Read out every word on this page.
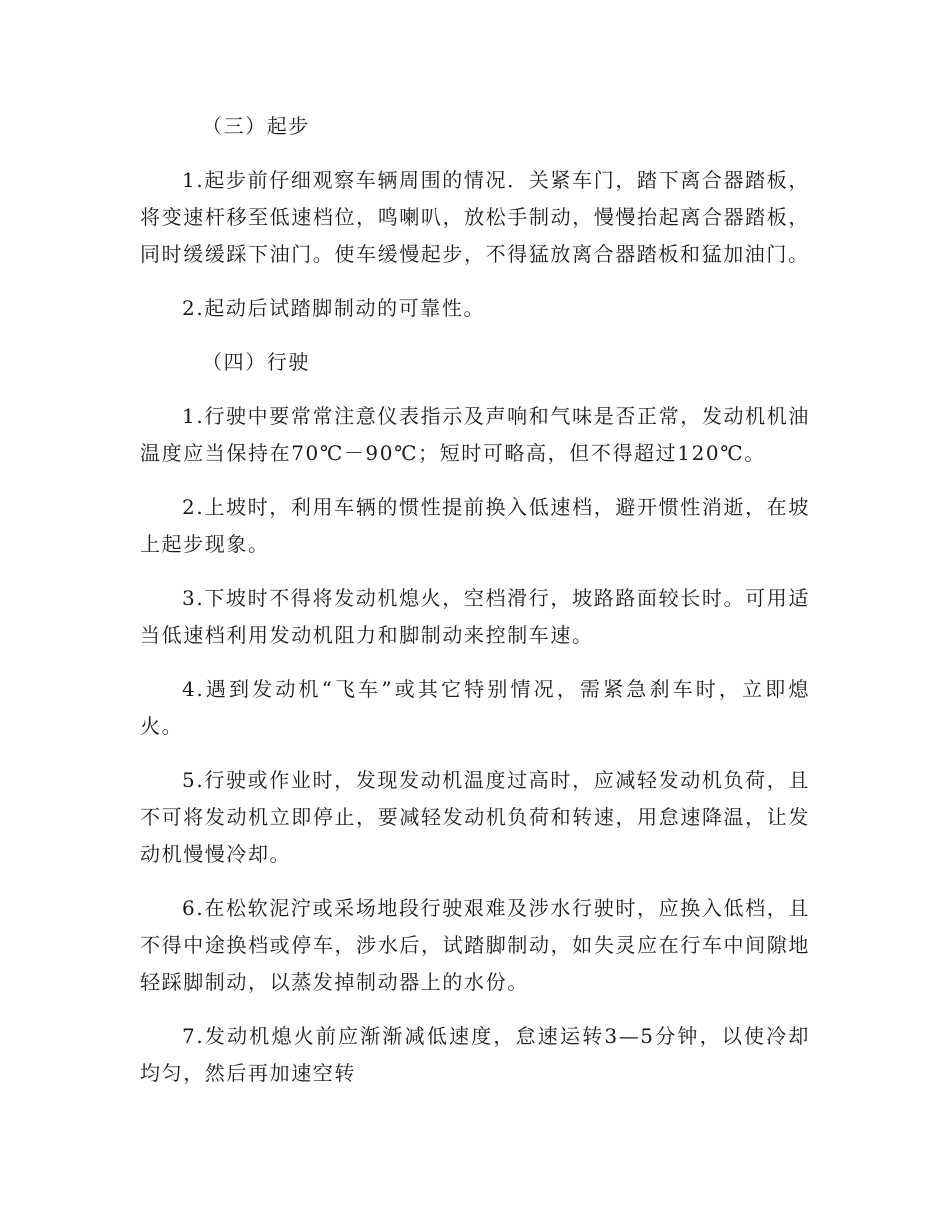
（三）起步

1.起步前仔细观察车辆周围的情况．关紧车门，踏下离合器踏板，将变速杆移至低速档位，鸣喇叭，放松手制动，慢慢抬起离合器踏板，同时缓缓踩下油门。使车缓慢起步，不得猛放离合器踏板和猛加油门。

2.起动后试踏脚制动的可靠性。

（四）行驶

1.行驶中要常常注意仪表指示及声响和气味是否正常，发动机机油温度应当保持在70℃－90℃；短时可略高，但不得超过120℃。

2.上坡时，利用车辆的惯性提前换入低速档，避开惯性消逝，在坡上起步现象。

3.下坡时不得将发动机熄火，空档滑行，坡路路面较长时。可用适当低速档利用发动机阻力和脚制动来控制车速。

4.遇到发动机“飞车”或其它特别情况，需紧急刹车时，立即熄火。

5.行驶或作业时，发现发动机温度过高时，应减轻发动机负荷，且不可将发动机立即停止，要减轻发动机负荷和转速，用怠速降温，让发动机慢慢冷却。

6.在松软泥泞或采场地段行驶艰难及涉水行驶时，应换入低档，且不得中途换档或停车，涉水后，试踏脚制动，如失灵应在行车中间隙地轻踩脚制动，以蒸发掉制动器上的水份。

7.发动机熄火前应渐渐减低速度，怠速运转3—5分钟，以使冷却均匀，然后再加速空转
